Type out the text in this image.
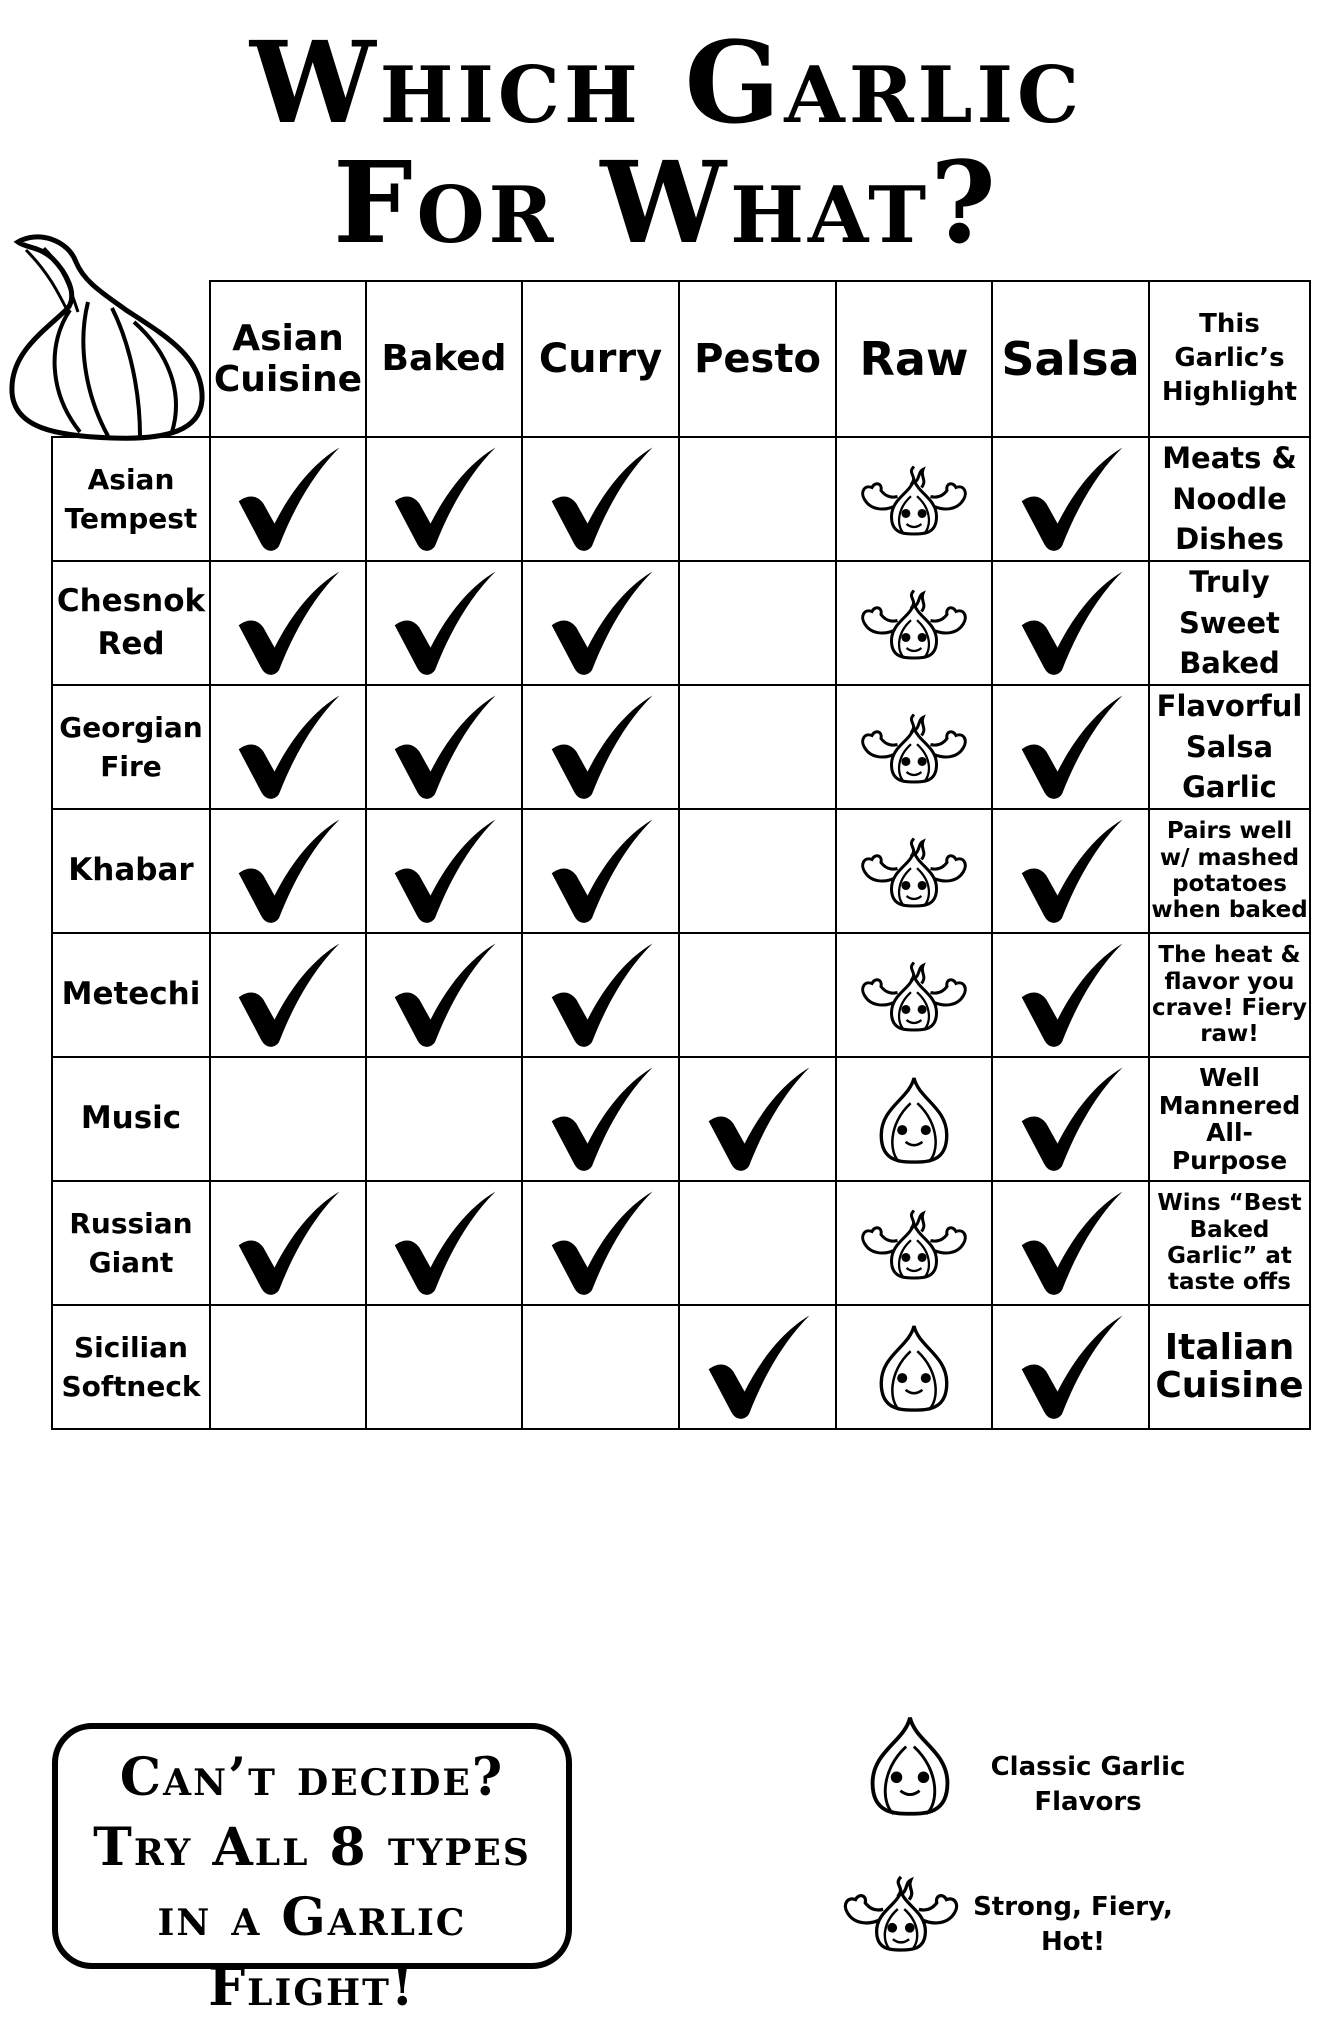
Which Garlic
For What?
	Asian Cuisine	Baked	Curry	Pesto	Raw	Salsa	This Garlic’s Highlight
Asian Tempest							Meats & Noodle Dishes
Chesnok Red							Truly Sweet Baked
Georgian Fire							Flavorful Salsa Garlic
Khabar							Pairs well w/ mashed potatoes when baked
Metechi							The heat & flavor you crave! Fiery raw!
Music							Well Mannered All-Purpose
Russian Giant							Wins “Best Baked Garlic” at taste offs
Sicilian Softneck							Italian Cuisine
Can’t decide?
Try All 8 types
in a Garlic Flight!
Classic Garlic Flavors
Strong, Fiery, Hot!
